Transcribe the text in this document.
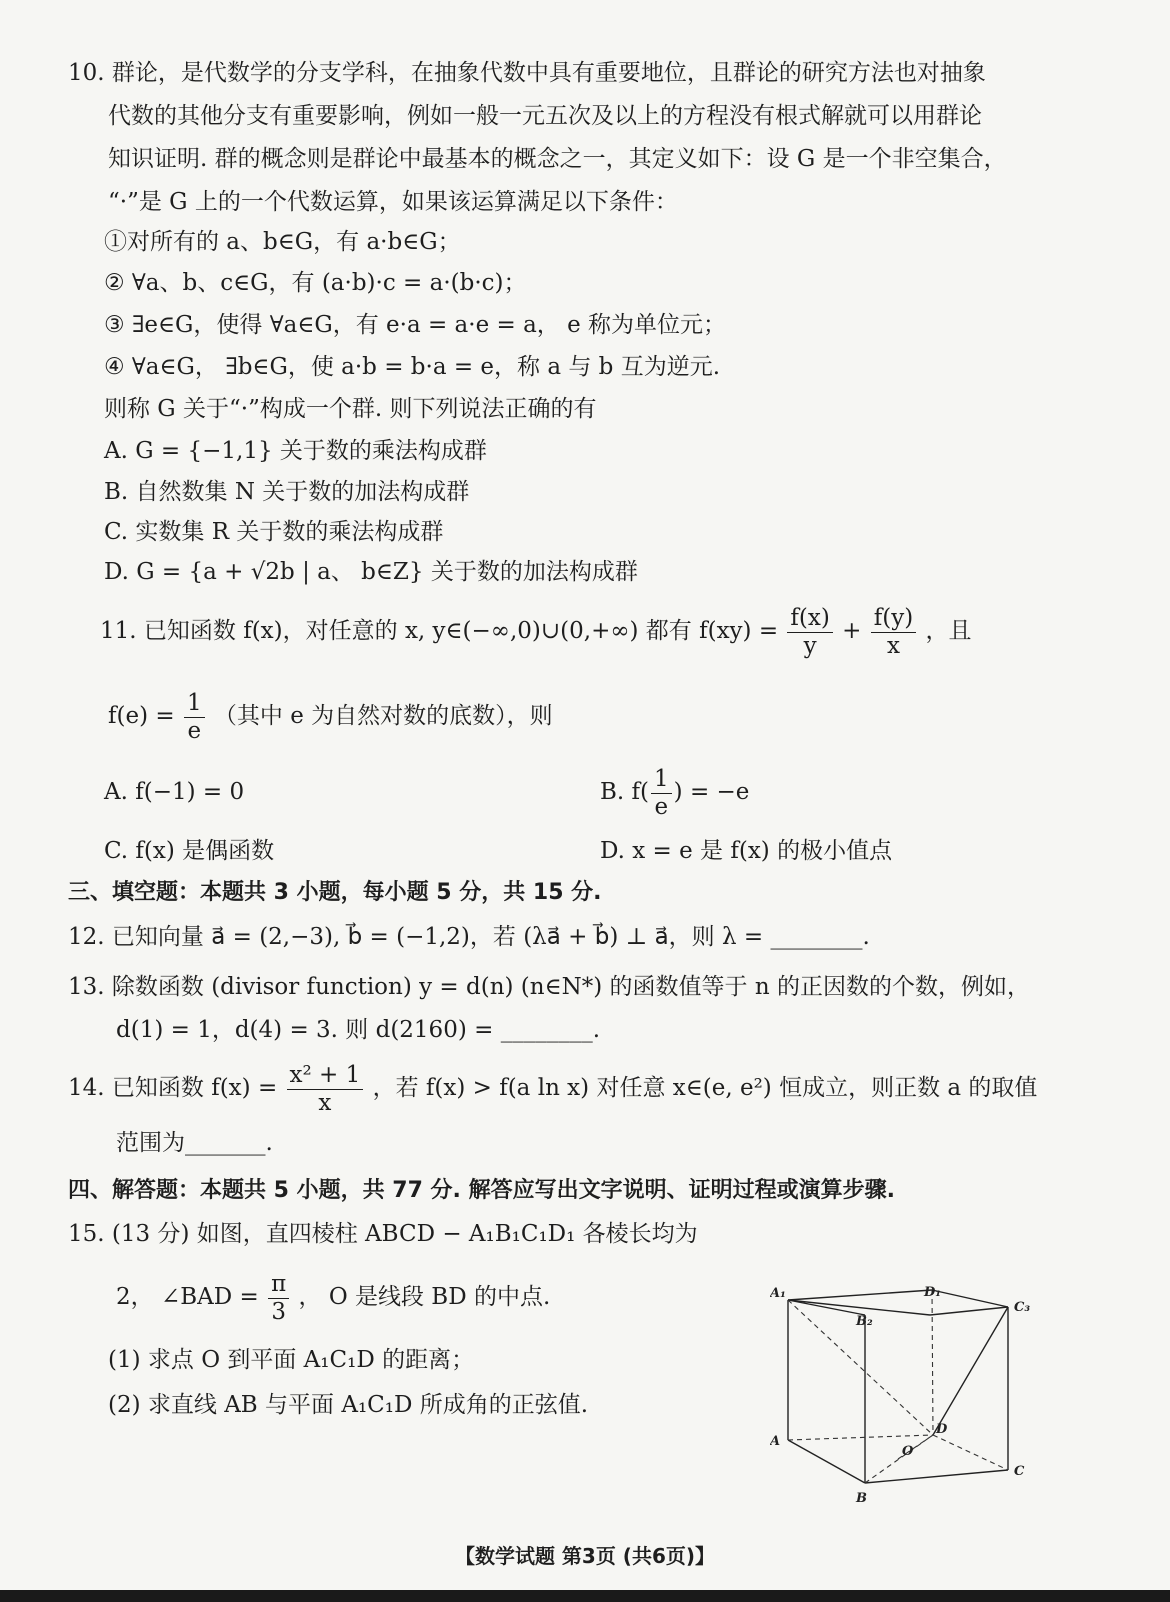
10. 群论，是代数学的分支学科，在抽象代数中具有重要地位，且群论的研究方法也对抽象
代数的其他分支有重要影响，例如一般一元五次及以上的方程没有根式解就可以用群论
知识证明. 群的概念则是群论中最基本的概念之一，其定义如下：设 G 是一个非空集合，
“·”是 G 上的一个代数运算，如果该运算满足以下条件：
①对所有的 a、b∈G，有 a·b∈G；
② ∀a、b、c∈G，有 (a·b)·c = a·(b·c)；
③ ∃e∈G，使得 ∀a∈G，有 e·a = a·e = a， e 称为单位元；
④ ∀a∈G， ∃b∈G，使 a·b = b·a = e，称 a 与 b 互为逆元.
则称 G 关于“·”构成一个群. 则下列说法正确的有
A. G = {−1,1} 关于数的乘法构成群
B. 自然数集 N 关于数的加法构成群
C. 实数集 R 关于数的乘法构成群
D. G = {a + √2b | a、 b∈Z} 关于数的加法构成群
11. 已知函数 f(x)，对任意的 x, y∈(−∞,0)∪(0,+∞) 都有 $f(xy) = \frac{f(x)}{y} + \frac{f(y)}{x}$ ，且
$f(e) = \frac{1}{e}$ （其中 e 为自然对数的底数），则
A. f(−1) = 0	B. $f( \frac{1}{e}$ ) = −e
C. f(x) 是偶函数	D. x = e 是 f(x) 的极小值点
三、填空题：本题共 3 小题，每小题 5 分，共 15 分.
12. 已知向量 a⃗ = (2,−3), b⃗ = (−1,2)，若 (λa⃗ + b⃗) ⊥ a⃗，则 λ = ________.
13. 除数函数 (divisor function) y = d(n) (n∈N*) 的函数值等于 n 的正因数的个数，例如，
d(1) = 1，d(4) = 3. 则 d(2160) = ________.
14. 已知函数 $f(x) = \frac{\text{x² + 1}}{x}$ ，若 f(x) > f(a ln x) 对任意 x∈(e, e²) 恒成立，则正数 a 的取值
范围为_______.
四、解答题：本题共 5 小题，共 77 分. 解答应写出文字说明、证明过程或演算步骤.
15. (13 分) 如图，直四棱柱 ABCD − A₁B₁C₁D₁ 各棱长均为
2， ∠BAD = $\frac{\pi}{3}$ ， O 是线段 BD 的中点.
(1) 求点 O 到平面 A₁C₁D 的距离；
(2) 求直线 AB 与平面 A₁C₁D 所成角的正弦值.
A₁	D₁
B₂
C₃
A
B
C
D
O
【数学试题 第3页 (共6页)】
